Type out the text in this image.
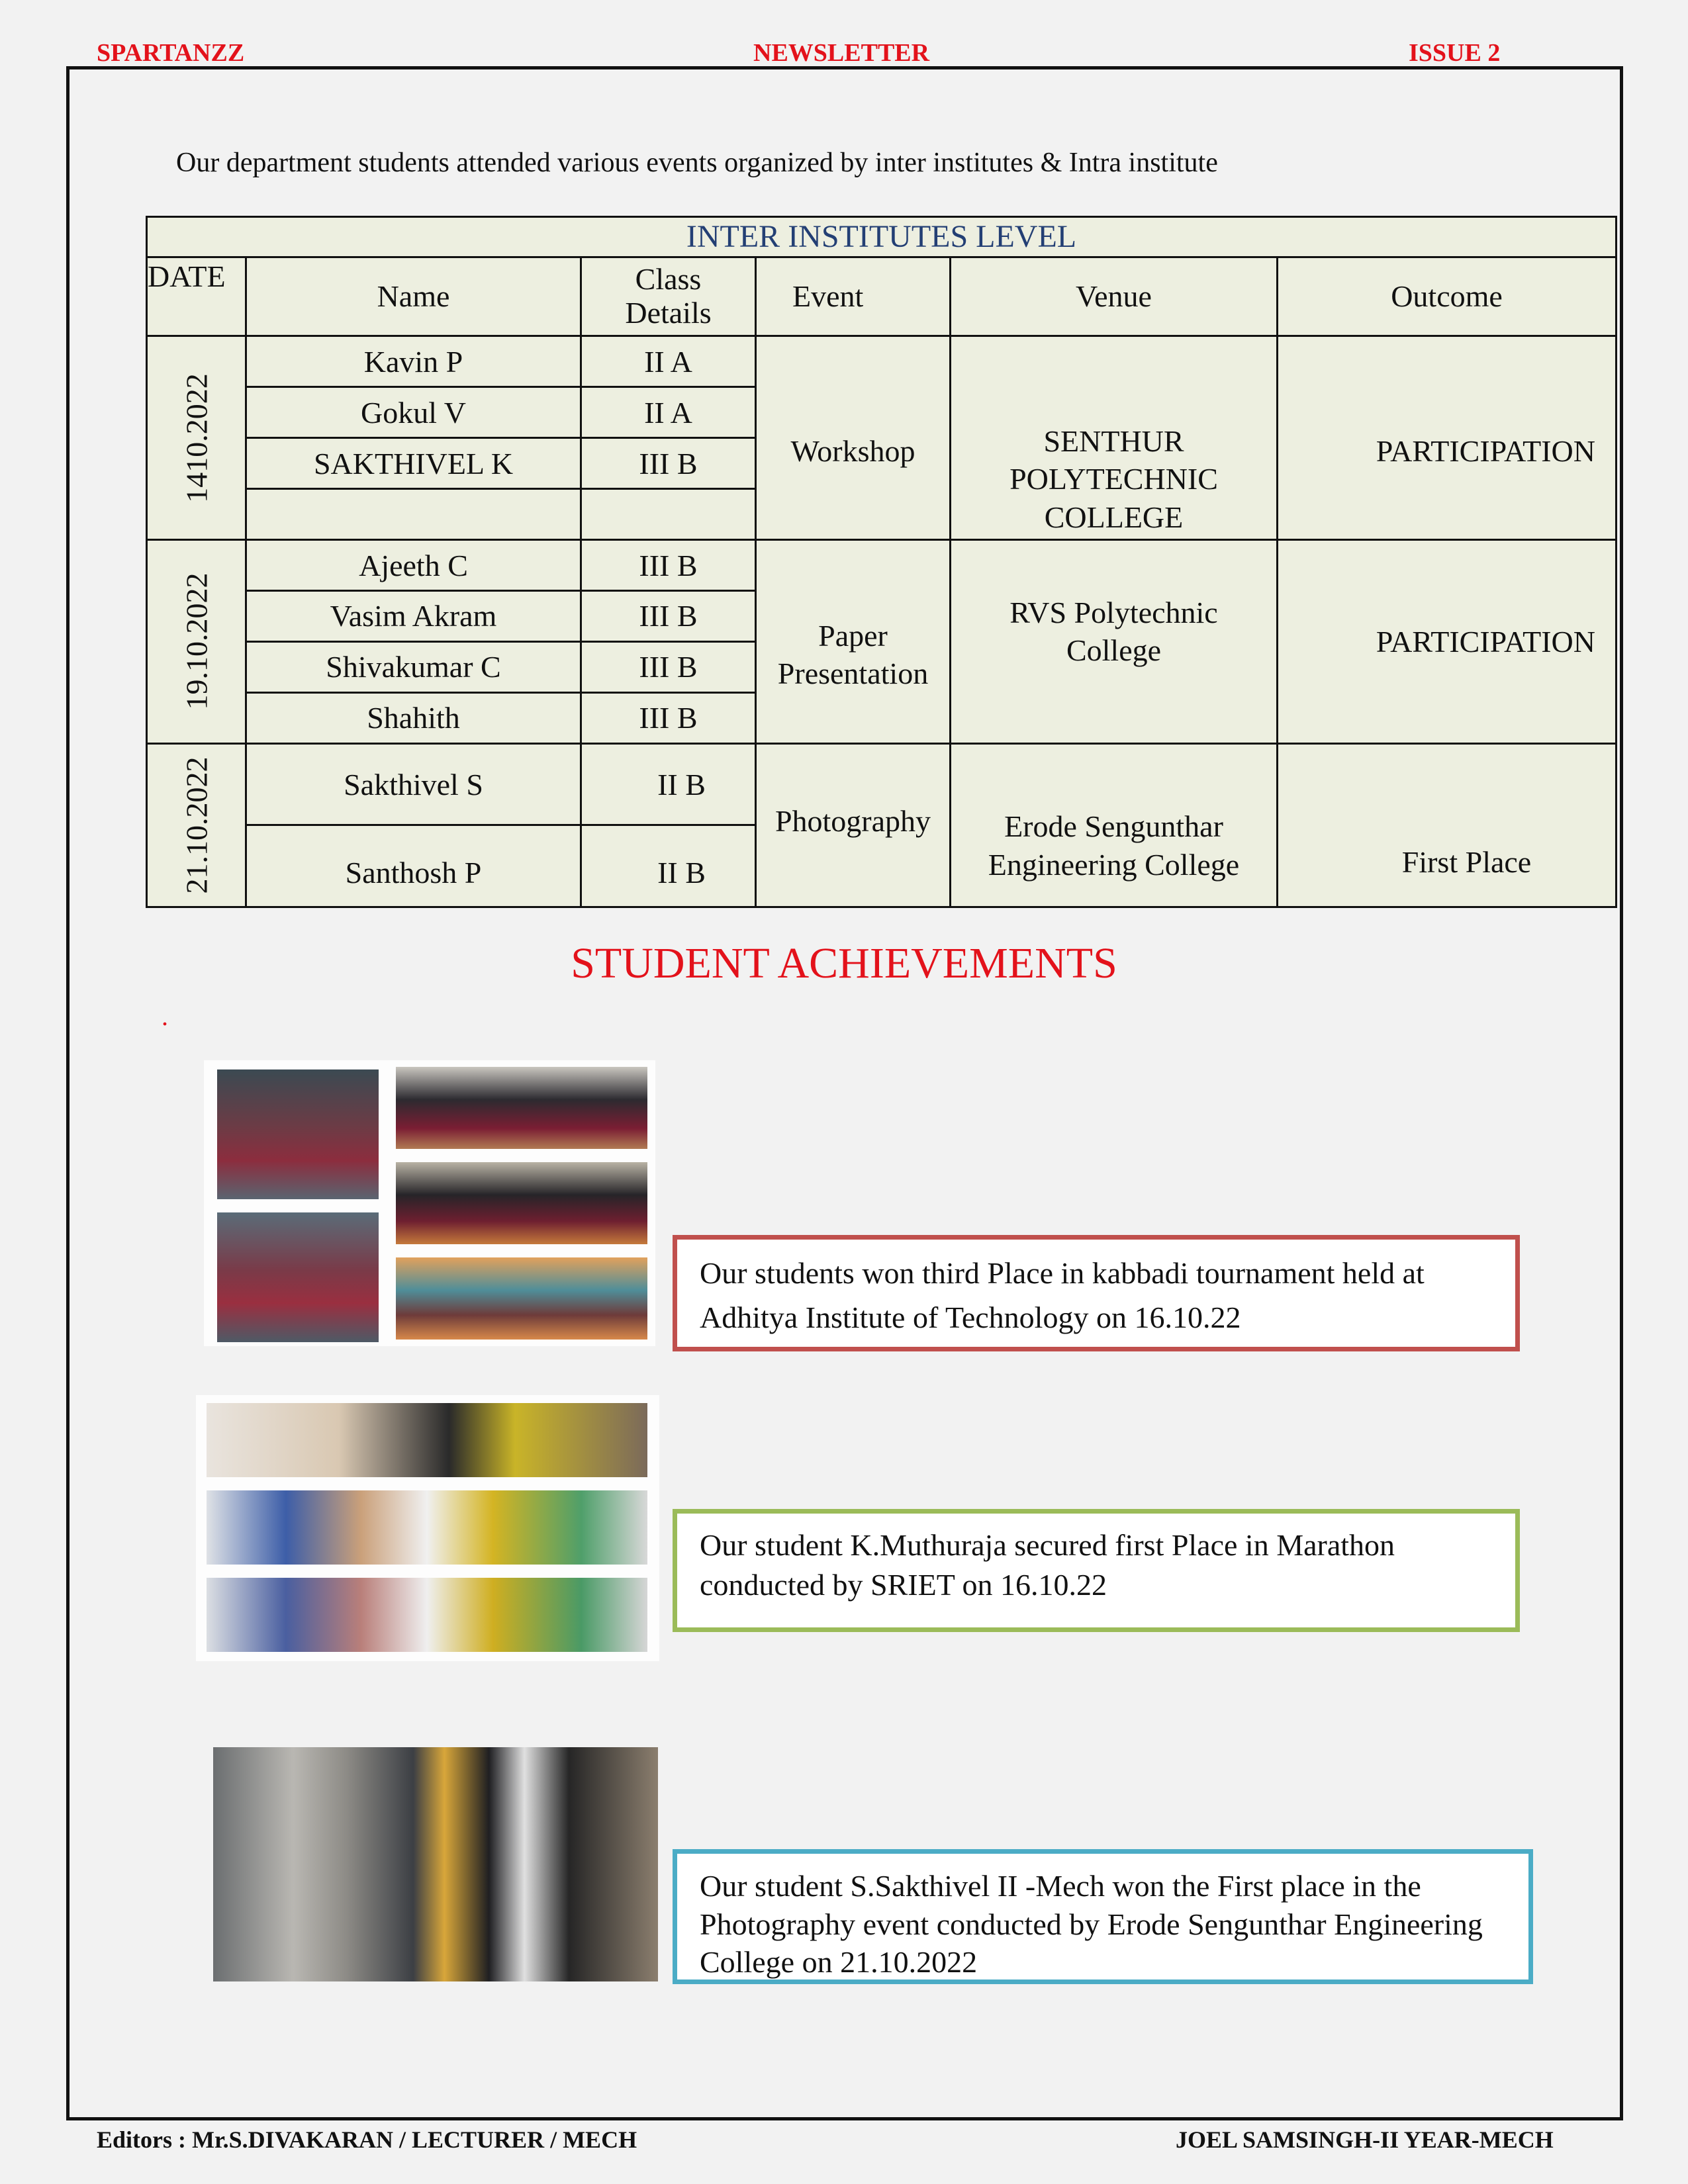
SPARTANZZ	NEWSLETTER	ISSUE 2
Our department students attended various events organized by inter institutes & Intra institute
INTER INSTITUTES LEVEL					
DATE	Name	Class Details	Event	Venue	Outcome

1410.2022	Kavin P	II A	Workshop	SENTHUR POLYTECHNIC COLLEGE	PARTICIPATION
	Gokul V	II A			
	SAKTHIVEL K	III B			

19.10.2022	Ajeeth C	III B	Paper Presentation	RVS Polytechnic College	PARTICIPATION
	Vasim Akram	III B			
	Shivakumar C	III B			
	Shahith	III B			

21.10.2022	Sakthivel S	II B	Photography	Erode Sengunthar Engineering College	First Place
	Santhosh P	II B			
STUDENT ACHIEVEMENTS
.
Our students won third Place in kabbadi tournament held at Adhitya Institute of Technology on 16.10.22
Our student K.Muthuraja secured first Place in Marathon conducted by SRIET on 16.10.22
Our student S.Sakthivel II -Mech won the First place in the Photography event conducted by Erode Sengunthar Engineering College on 21.10.2022
Editors : Mr.S.DIVAKARAN / LECTURER / MECH	JOEL SAMSINGH-II YEAR-MECH
